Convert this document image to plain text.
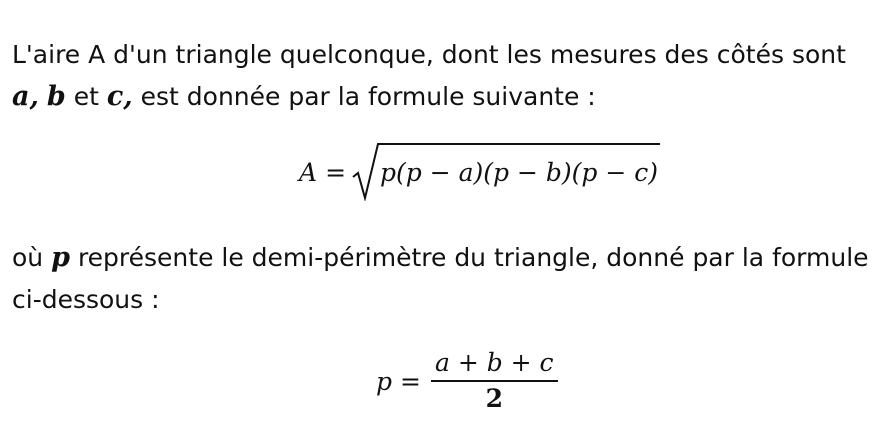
L'aire A d'un triangle quelconque, dont les mesures des côtés sont a, b et c, est donnée par la formule suivante :

où p représente le demi-périmètre du triangle, donné par la formule ci-dessous :

A = p(p − a)(p − b)(p − c)
$p = \frac{a + b + c}{2}$
